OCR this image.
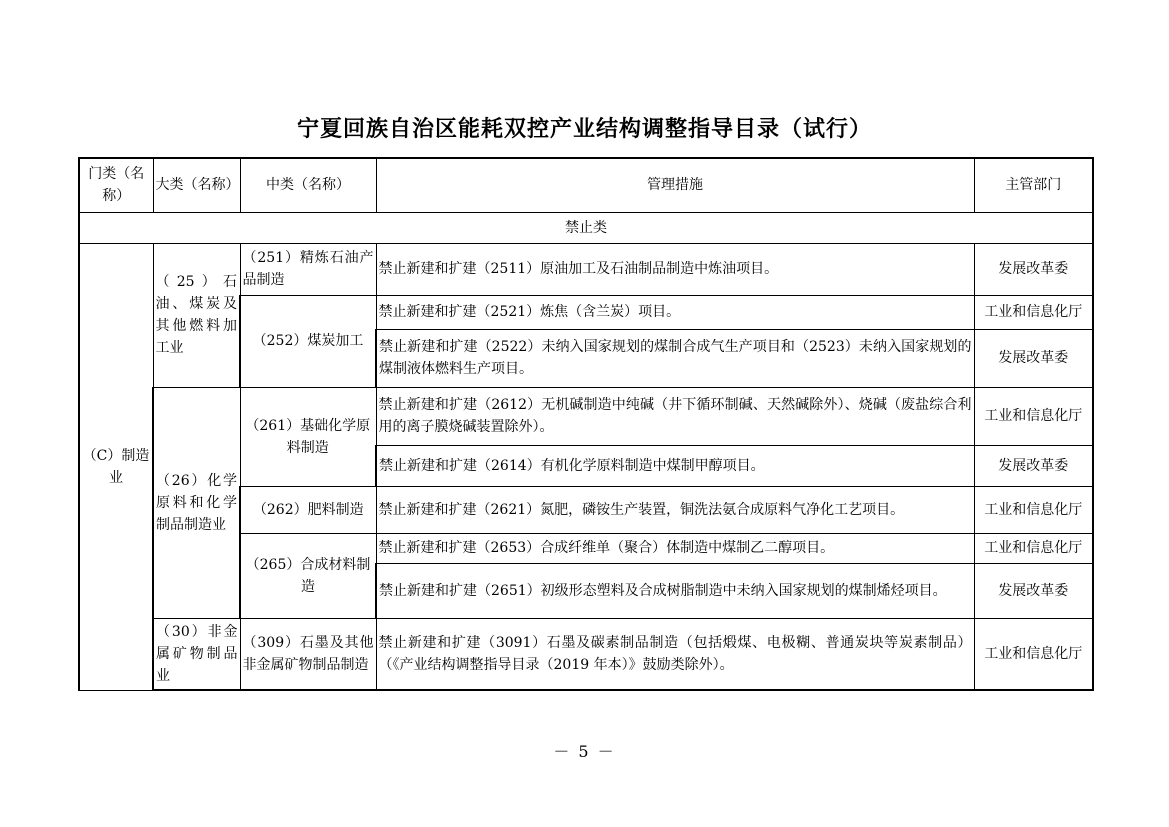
宁夏回族自治区能耗双控产业结构调整指导目录（试行）
门类（名称）	大类（名称）	中类（名称）	管理措施	主管部门
禁止类				
（C）制造业	（25）石油、煤炭及其他燃料加工业	（251）精炼石油产品制造	禁止新建和扩建（2511）原油加工及石油制品制造中炼油项目。	发展改革委
		（252）煤炭加工	禁止新建和扩建（2521）炼焦（含兰炭）项目。	工业和信息化厅
			禁止新建和扩建（2522）未纳入国家规划的煤制合成气生产项目和（2523）未纳入国家规划的煤制液体燃料生产项目。	发展改革委
	（26）化学原料和化学制品制造业	（261）基础化学原料制造	禁止新建和扩建（2612）无机碱制造中纯碱（井下循环制碱、天然碱除外）、烧碱（废盐综合利用的离子膜烧碱装置除外）。	工业和信息化厅
			禁止新建和扩建（2614）有机化学原料制造中煤制甲醇项目。	发展改革委
		（262）肥料制造	禁止新建和扩建（2621）氮肥，磷铵生产装置，铜洗法氨合成原料气净化工艺项目。	工业和信息化厅
		（265）合成材料制造	禁止新建和扩建（2653）合成纤维单（聚合）体制造中煤制乙二醇项目。	工业和信息化厅
			禁止新建和扩建（2651）初级形态塑料及合成树脂制造中未纳入国家规划的煤制烯烃项目。	发展改革委
	（30）非金属矿物制品业	（309）石墨及其他非金属矿物制品制造	禁止新建和扩建（3091）石墨及碳素制品制造（包括煅煤、电极糊、普通炭块等炭素制品）（《产业结构调整指导目录（2019 年本）》鼓励类除外）。	工业和信息化厅
－ 5 －
